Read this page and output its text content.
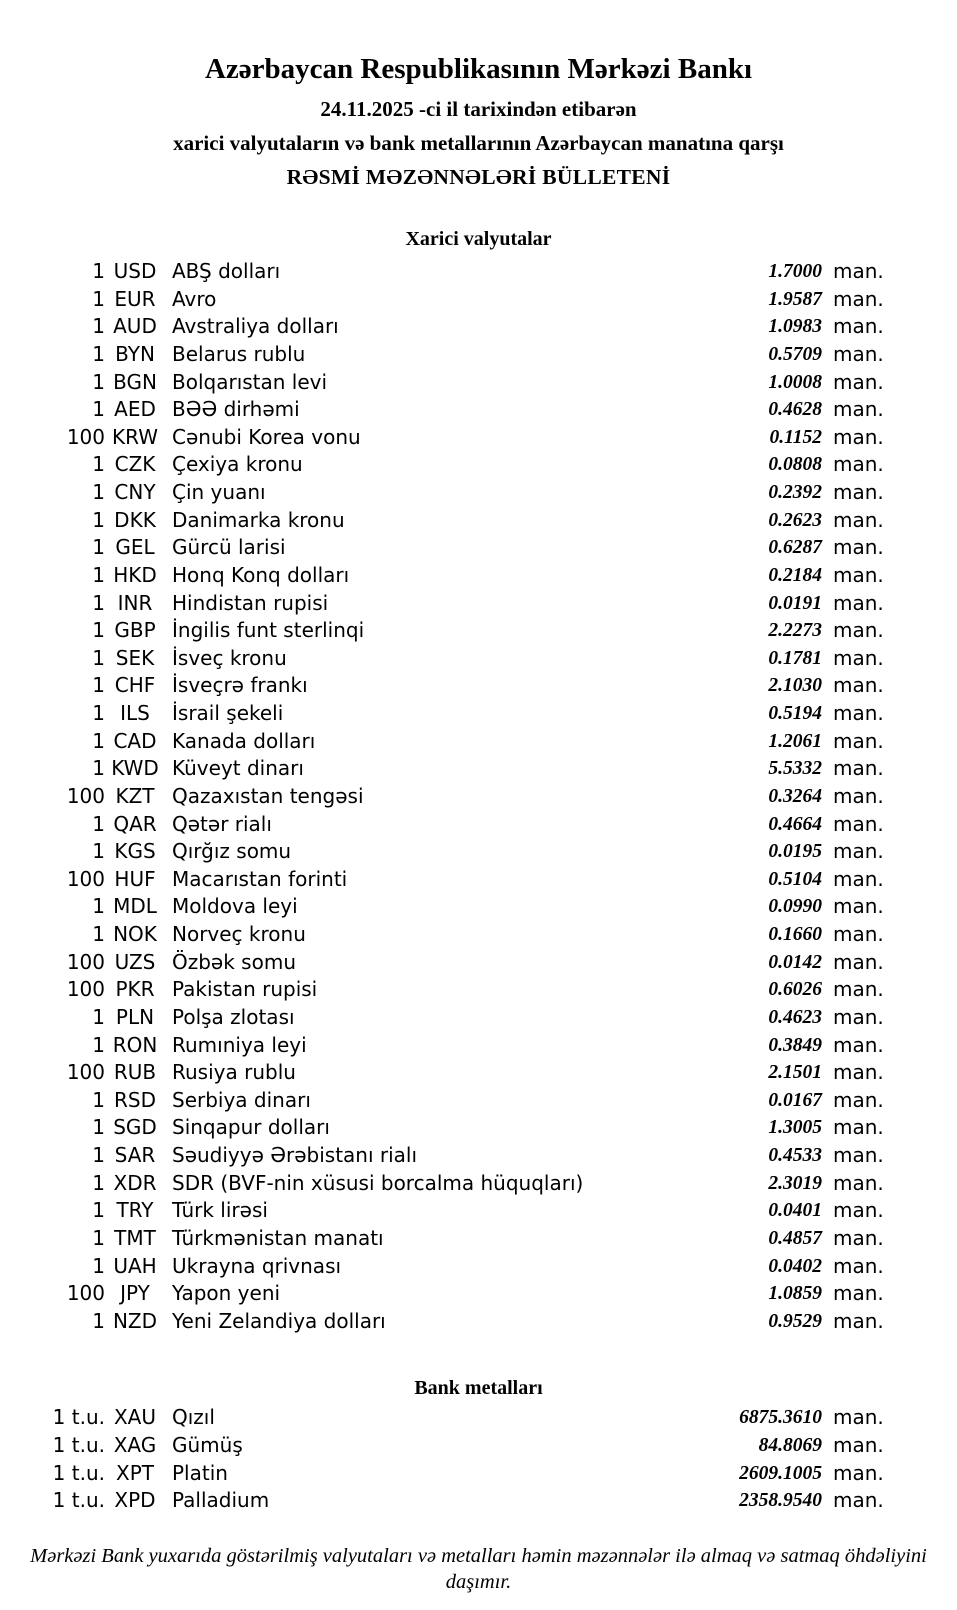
Azərbaycan Respublikasının Mərkəzi Bankı

24.11.2025 -ci il tarixindən etibarən

xarici valyutaların və bank metallarının Azərbaycan manatına qarşı

RƏSMİ MƏZƏNNƏLƏRİ BÜLLETENİ

Xarici valyutalar
1 USD ABŞ dolları	1.7000 man.
1 EUR Avro	1.9587 man.
1 AUD Avstraliya dolları	1.0983 man.
1 BYN Belarus rublu	0.5709 man.
1 BGN Bolqarıstan levi	1.0008 man.
1 AED BƏƏ dirhəmi	0.4628 man.
100 KRW Cənubi Korea vonu	0.1152 man.
1 CZK Çexiya kronu	0.0808 man.
1 CNY Çin yuanı	0.2392 man.
1 DKK Danimarka kronu	0.2623 man.
1 GEL Gürcü larisi	0.6287 man.
1 HKD Honq Konq dolları	0.2184 man.
1 INR Hindistan rupisi	0.0191 man.
1 GBP İngilis funt sterlinqi	2.2273 man.
1 SEK İsveç kronu	0.1781 man.
1 CHF İsveçrə frankı	2.1030 man.
1 ILS	İsrail şekeli	0.5194 man.
1 CAD Kanada dolları	1.2061 man.
1 KWD Küveyt dinarı	5.5332 man.
100 KZT Qazaxıstan tengəsi	0.3264 man.
1 QAR Qətər rialı	0.4664 man.
1 KGS Qırğız somu	0.0195 man.
100 HUF Macarıstan forinti	0.5104 man.
1 MDL Moldova leyi	0.0990 man.
1 NOK Norveç kronu	0.1660 man.
100 UZS Özbək somu	0.0142 man.
100 PKR Pakistan rupisi	0.6026 man.
1 PLN Polşa zlotası	0.4623 man.
1 RON Rumıniya leyi	0.3849 man.
100 RUB Rusiya rublu	2.1501 man.
1 RSD Serbiya dinarı	0.0167 man.
1 SGD Sinqapur dolları	1.3005 man.
1 SAR Səudiyyə Ərəbistanı rialı	0.4533 man.
1 XDR SDR (BVF-nin xüsusi borcalma hüquqları)	2.3019 man.
1 TRY Türk lirəsi	0.0401 man.
1 TMT Türkmənistan manatı	0.4857 man.
1 UAH Ukrayna qrivnası	0.0402 man.
100 JPY	Yapon yeni	1.0859 man.
1 NZD Yeni Zelandiya dolları	0.9529 man.
Bank metalları
1 t.u. XAU Qızıl	6875.3610 man.
1 t.u. XAG Gümüş	84.8069 man.
1 t.u. XPT Platin	2609.1005 man.
1 t.u. XPD Palladium	2358.9540 man.

Mərkəzi Bank yuxarıda göstərilmiş valyutaları və metalları həmin məzənnələr ilə almaq və satmaq öhdəliyini daşımır.
